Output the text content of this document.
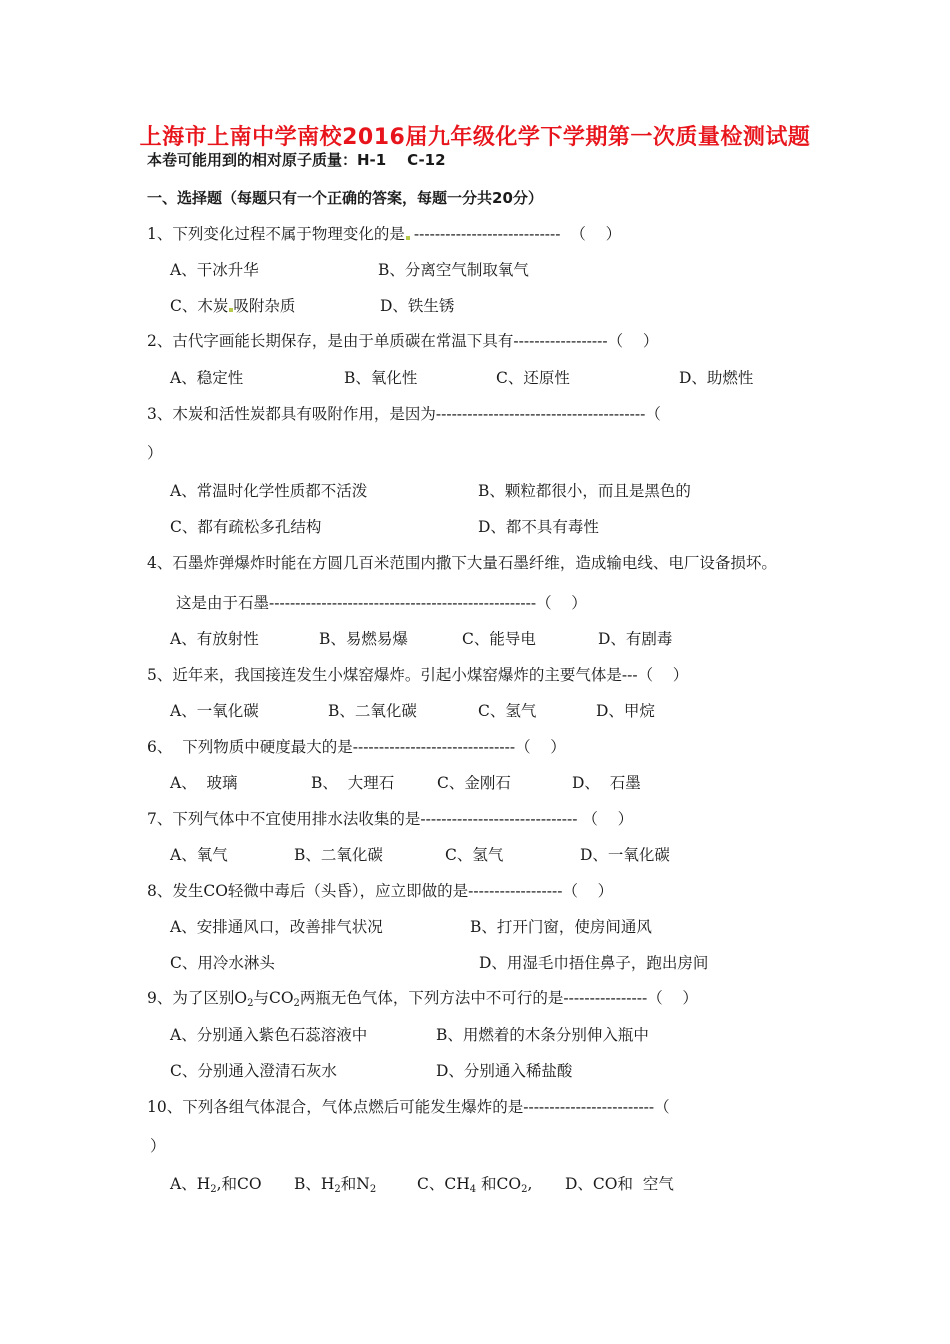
上海市上南中学南校2016届九年级化学下学期第一次质量检测试题
本卷可能用到的相对原子质量：H-1    C-12
一、选择题（每题只有一个正确的答案，每题一分共20分）
1、下列变化过程不属于物理变化的是 ----------------------------  （    ）
A、干冰升华	B、分离空气制取氧气
C、木炭 吸附杂质	D、铁生锈
2、古代字画能长期保存，是由于单质碳在常温下具有------------------（    ）
A、稳定性	B、氧化性	C、还原性	D、助燃性
3、木炭和活性炭都具有吸附作用，是因为----------------------------------------（
）
A、常温时化学性质都不活泼	B、颗粒都很小，而且是黑色的
C、都有疏松多孔结构	D、都不具有毒性
4、石墨炸弹爆炸时能在方圆几百米范围内撒下大量石墨纤维，造成输电线、电厂设备损坏。
这是由于石墨---------------------------------------------------（    ）
A、有放射性	B、易燃易爆	C、能导电	D、有剧毒
5、近年来，我国接连发生小煤窑爆炸。引起小煤窑爆炸的主要气体是---（    ）
A、一氧化碳	B、二氧化碳	C、氢气	D、甲烷
6、  下列物质中硬度最大的是-------------------------------（    ）
A、  玻璃	B、  大理石	C、金刚石	D、  石墨
7、下列气体中不宜使用排水法收集的是------------------------------ （    ）
A、氧气	B、二氧化碳	C、氢气	D、一氧化碳
8、发生CO轻微中毒后（头昏），应立即做的是------------------（    ）
A、安排通风口，改善排气状况	B、打开门窗，使房间通风
C、用冷水淋头	D、用湿毛巾捂住鼻子，跑出房间
9、为了区别$O_2$与$CO_2$两瓶无色气体，下列方法中不可行的是----------------（    ）
A、分别通入紫色石蕊溶液中	B、用燃着的木条分别伸入瓶中
C、分别通入澄清石灰水	D、分别通入稀盐酸
10、下列各组气体混合，气体点燃后可能发生爆炸的是-------------------------（
）
A、$H_2$,和CO B、$H_2$和$N_2$	C、$CH_4$ 和$CO_2$, D、CO和  空气
